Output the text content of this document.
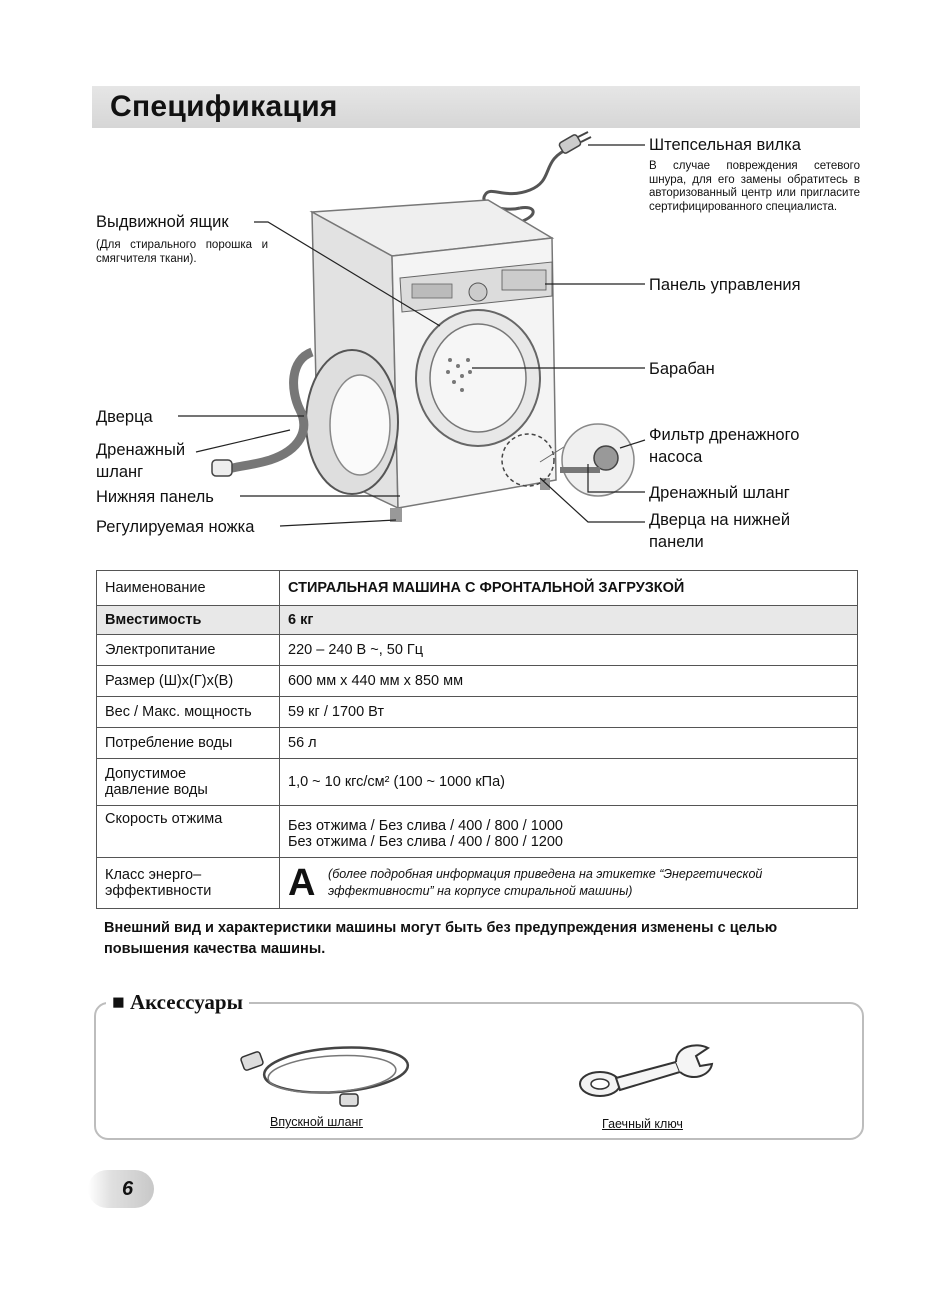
Спецификация
Штепсельная вилка
В случае повреждения сетевого шнура, для его замены обратитесь в авторизованный центр или пригласите сертифицированного специалиста.
Выдвижной ящик
(Для стирального порошка и смягчителя ткани).
Панель управления
Барабан
Дверца
Дренажный
шланг
Нижняя панель
Регулируемая ножка
Фильтр дренажного
насоса
Дренажный шланг
Дверца на нижней
панели
Наименование	СТИРАЛЬНАЯ МАШИНА С ФРОНТАЛЬНОЙ ЗАГРУЗКОЙ
Вместимость	6 кг
Электропитание	220 – 240 В ~, 50 Гц
Размер (Ш)x(Г)x(В)	600 мм x 440 мм x 850 мм
Вес / Макс. мощность	59 кг / 1700 Вт
Потребление воды	56 л

Допустимое
давление воды	1,0 ~ 10 кгс/см² (100 ~ 1000 кПа)
Скорость отжима	Без отжима / Без слива / 400 / 800 / 1000
Без отжима / Без слива / 400 / 800 / 1200

Класс энерго–
эффективности	A (более подробная информация приведена на этикетке “Энергетической эффективности” на корпусе стиральной машины)
Внешний вид и характеристики машины могут быть без предупреждения изменены с целью повышения качества машины.
■ Аксессуары
Впускной шланг	Гаечный ключ
6
